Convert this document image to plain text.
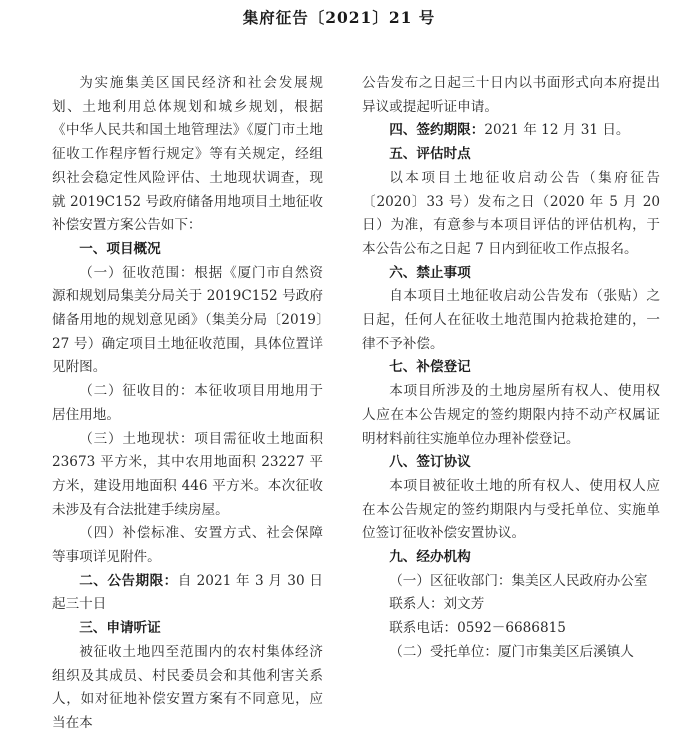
集府征告〔2021〕21 号

为实施集美区国民经济和社会发展规划、土地利用总体规划和城乡规划，根据《中华人民共和国土地管理法》《厦门市土地征收工作程序暂行规定》等有关规定，经组织社会稳定性风险评估、土地现状调查，现就 2019C152 号政府储备用地项目土地征收补偿安置方案公告如下：

一、项目概况

（一）征收范围：根据《厦门市自然资源和规划局集美分局关于 2019C152 号政府储备用地的规划意见函》（集美分局〔2019〕27 号）确定项目土地征收范围，具体位置详见附图。

（二）征收目的：本征收项目用地用于居住用地。

（三）土地现状：项目需征收土地面积 23673 平方米，其中农用地面积 23227 平方米，建设用地面积 446 平方米。本次征收未涉及有合法批建手续房屋。

（四）补偿标准、安置方式、社会保障等事项详见附件。

二、公告期限：自 2021 年 3 月 30 日起三十日

三、申请听证

被征收土地四至范围内的农村集体经济组织及其成员、村民委员会和其他利害关系人，如对征地补偿安置方案有不同意见，应当在本

公告发布之日起三十日内以书面形式向本府提出异议或提起听证申请。

四、签约期限：2021 年 12 月 31 日。

五、评估时点

以本项目土地征收启动公告（集府征告〔2020〕33 号）发布之日（2020 年 5 月 20 日）为准，有意参与本项目评估的评估机构，于本公告公布之日起 7 日内到征收工作点报名。

六、禁止事项

自本项目土地征收启动公告发布（张贴）之日起，任何人在征收土地范围内抢栽抢建的，一律不予补偿。

七、补偿登记

本项目所涉及的土地房屋所有权人、使用权人应在本公告规定的签约期限内持不动产权属证明材料前往实施单位办理补偿登记。

八、签订协议

本项目被征收土地的所有权人、使用权人应在本公告规定的签约期限内与受托单位、实施单位签订征收补偿安置协议。

九、经办机构

（一）区征收部门：集美区人民政府办公室

联系人：刘文芳

联系电话：0592－6686815

（二）受托单位：厦门市集美区后溪镇人
